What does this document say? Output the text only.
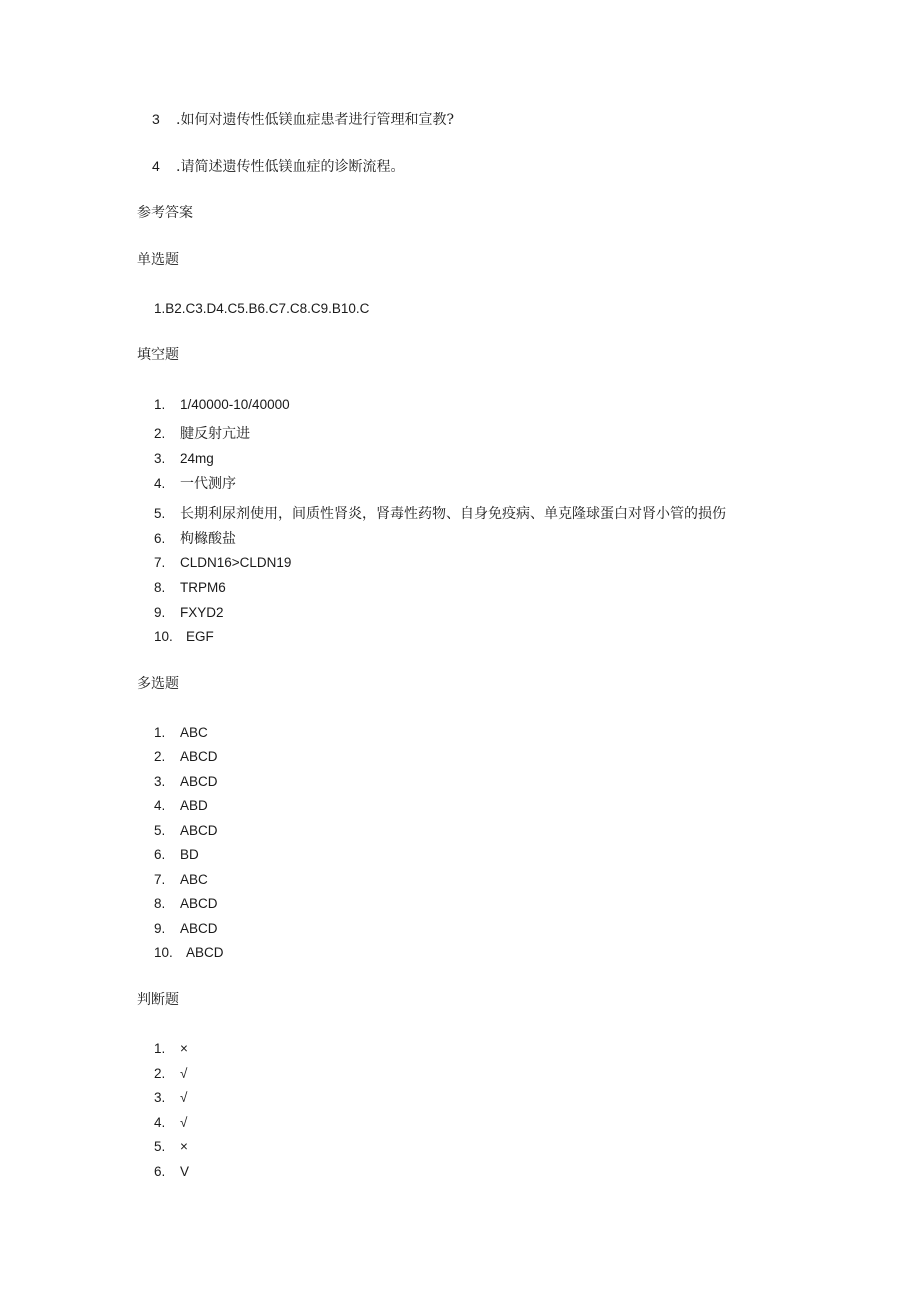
3 .如何对遗传性低镁血症患者进行管理和宣教?
4 .请简述遗传性低镁血症的诊断流程。
参考答案
单选题
1.B2.C3.D4.C5.B6.C7.C8.C9.B10.C
填空题
1. 1/40000-10/40000
2. 腱反射亢进
3. 24mg
4. 一代测序
5. 长期利尿剂使用，间质性肾炎，肾毒性药物、自身免疫病、单克隆球蛋白对肾小管的损伤
6. 枸櫞酸盐
7. CLDN16>CLDN19
8. TRPM6
9. FXYD2
10. EGF
多选题
1. ABC
2. ABCD
3. ABCD
4. ABD
5. ABCD
6. BD
7. ABC
8. ABCD
9. ABCD
10. ABCD
判断题
1. ×
2. √
3. √
4. √
5. ×
6. V
